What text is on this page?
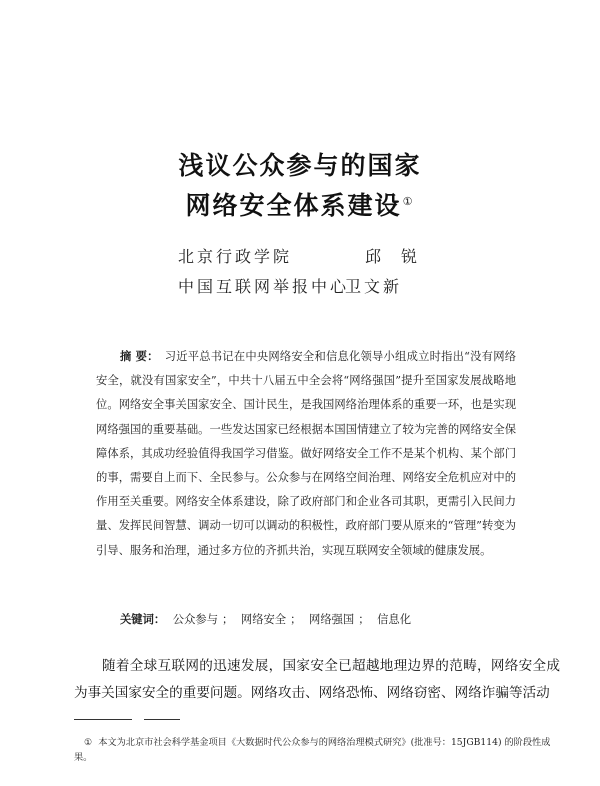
浅议公众参与的国家
网络安全体系建设①
北京行政学院	邱锐
中国互联网举报中心
卫文新
摘 要： 习近平总书记在中央网络安全和信息化领导小组成立时指出“没有网络安全，就没有国家安全”，中共十八届五中全会将“网络强国”提升至国家发展战略地位。网络安全事关国家安全、国计民生，是我国网络治理体系的重要一环，也是实现网络强国的重要基础。一些发达国家已经根据本国国情建立了较为完善的网络安全保障体系，其成功经验值得我国学习借鉴。做好网络安全工作不是某个机构、某个部门的事，需要自上而下、全民参与。公众参与在网络空间治理、网络安全危机应对中的作用至关重要。网络安全体系建设，除了政府部门和企业各司其职，更需引入民间力量、发挥民间智慧、调动一切可以调动的积极性，政府部门要从原来的“管理”转变为引导、服务和治理，通过多方位的齐抓共治，实现互联网安全领域的健康发展。
关键词： 公众参与 ； 网络安全 ； 网络强国 ； 信息化

随着全球互联网的迅速发展，国家安全已超越地理边界的范畴，网络安全成为事关国家安全的重要问题。网络攻击、网络恐怖、网络窃密、网络诈骗等活动

① 本文为北京市社会科学基金项目《大数据时代公众参与的网络治理模式研究》(批准号：15JGB114) 的阶段性成果。
